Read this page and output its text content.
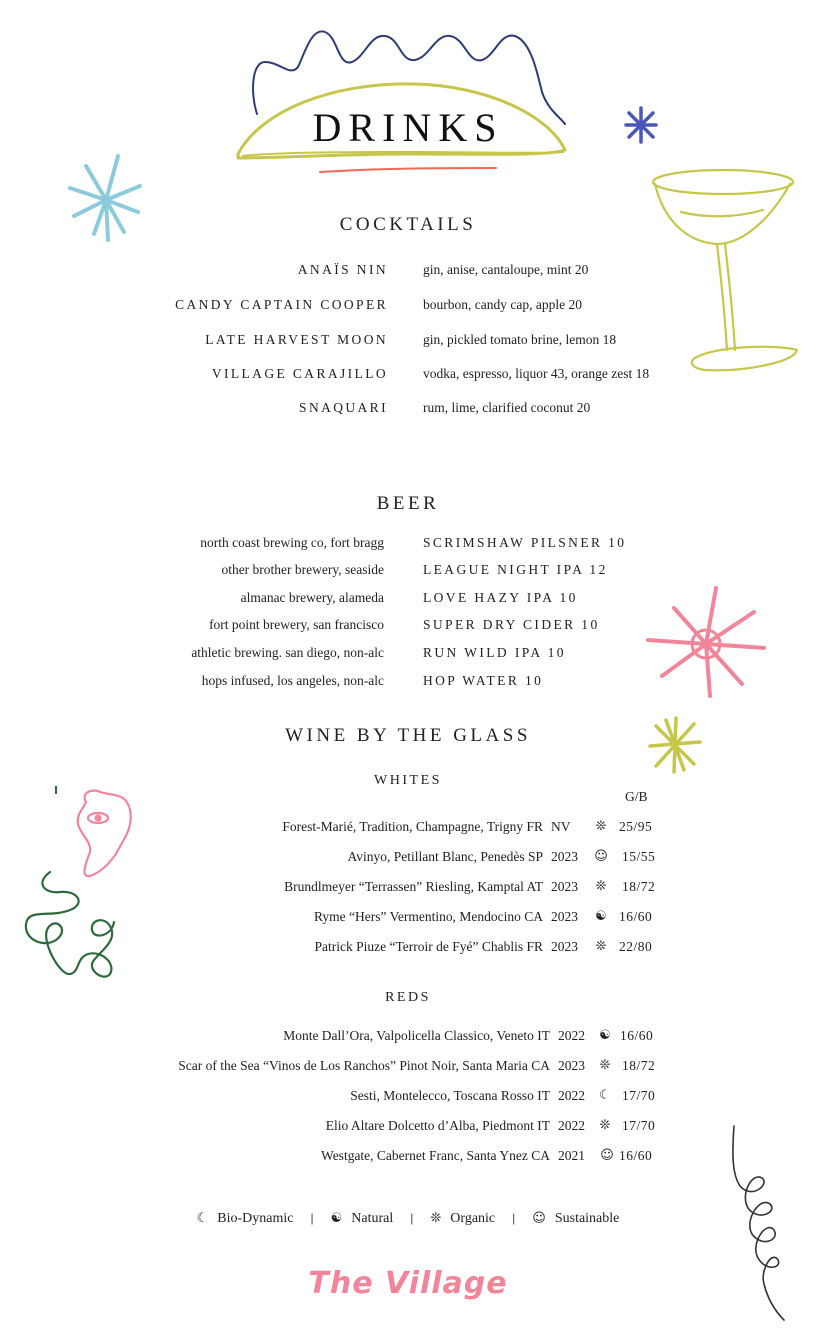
DRINKS
COCKTAILS
ANAÏS NIN	gin, anise, cantaloupe, mint 20
CANDY CAPTAIN COOPER	bourbon, candy cap, apple 20
LATE HARVEST MOON	gin, pickled tomato brine, lemon 18
VILLAGE CARAJILLO	vodka, espresso, liquor 43, orange zest 18
SNAQUARI	rum, lime, clarified coconut 20
BEER
north coast brewing co, fort bragg	SCRIMSHAW PILSNER 10
other brother brewery, seaside	LEAGUE NIGHT IPA 12
almanac brewery, alameda	LOVE HAZY IPA 10
fort point brewery, san francisco	SUPER DRY CIDER 10
athletic brewing. san diego, non-alc	RUN WILD IPA 10
hops infused, los angeles, non-alc	HOP WATER 10
WINE BY THE GLASS
WHITES
G/B
Forest-Marié, Tradition, Champagne, Trigny FR NV ❊ 25/95
Avinyo, Petillant Blanc, Penedès SP 2023 ☺ 15/55
Brundlmeyer “Terrassen” Riesling, Kamptal AT 2023 ❊ 18/72
Ryme “Hers” Vermentino, Mendocino CA 2023 ☯ 16/60
Patrick Piuze “Terroir de Fyé” Chablis FR 2023 ❊ 22/80
REDS
Monte Dall’Ora, Valpolicella Classico, Veneto IT 2022 ☯ 16/60
Scar of the Sea “Vinos de Los Ranchos” Pinot Noir, Santa Maria CA 2023 ❊ 18/72
Sesti, Montelecco, Toscana Rosso IT 2022 ☾ 17/70
Elio Altare Dolcetto d’Alba, Piedmont IT 2022 ❊ 17/70
Westgate, Cabernet Franc, Santa Ynez CA 2021 ☺ 16/60
☾ Bio-Dynamic | ☯ Natural | ❊ Organic | ☺ Sustainable
The Village
